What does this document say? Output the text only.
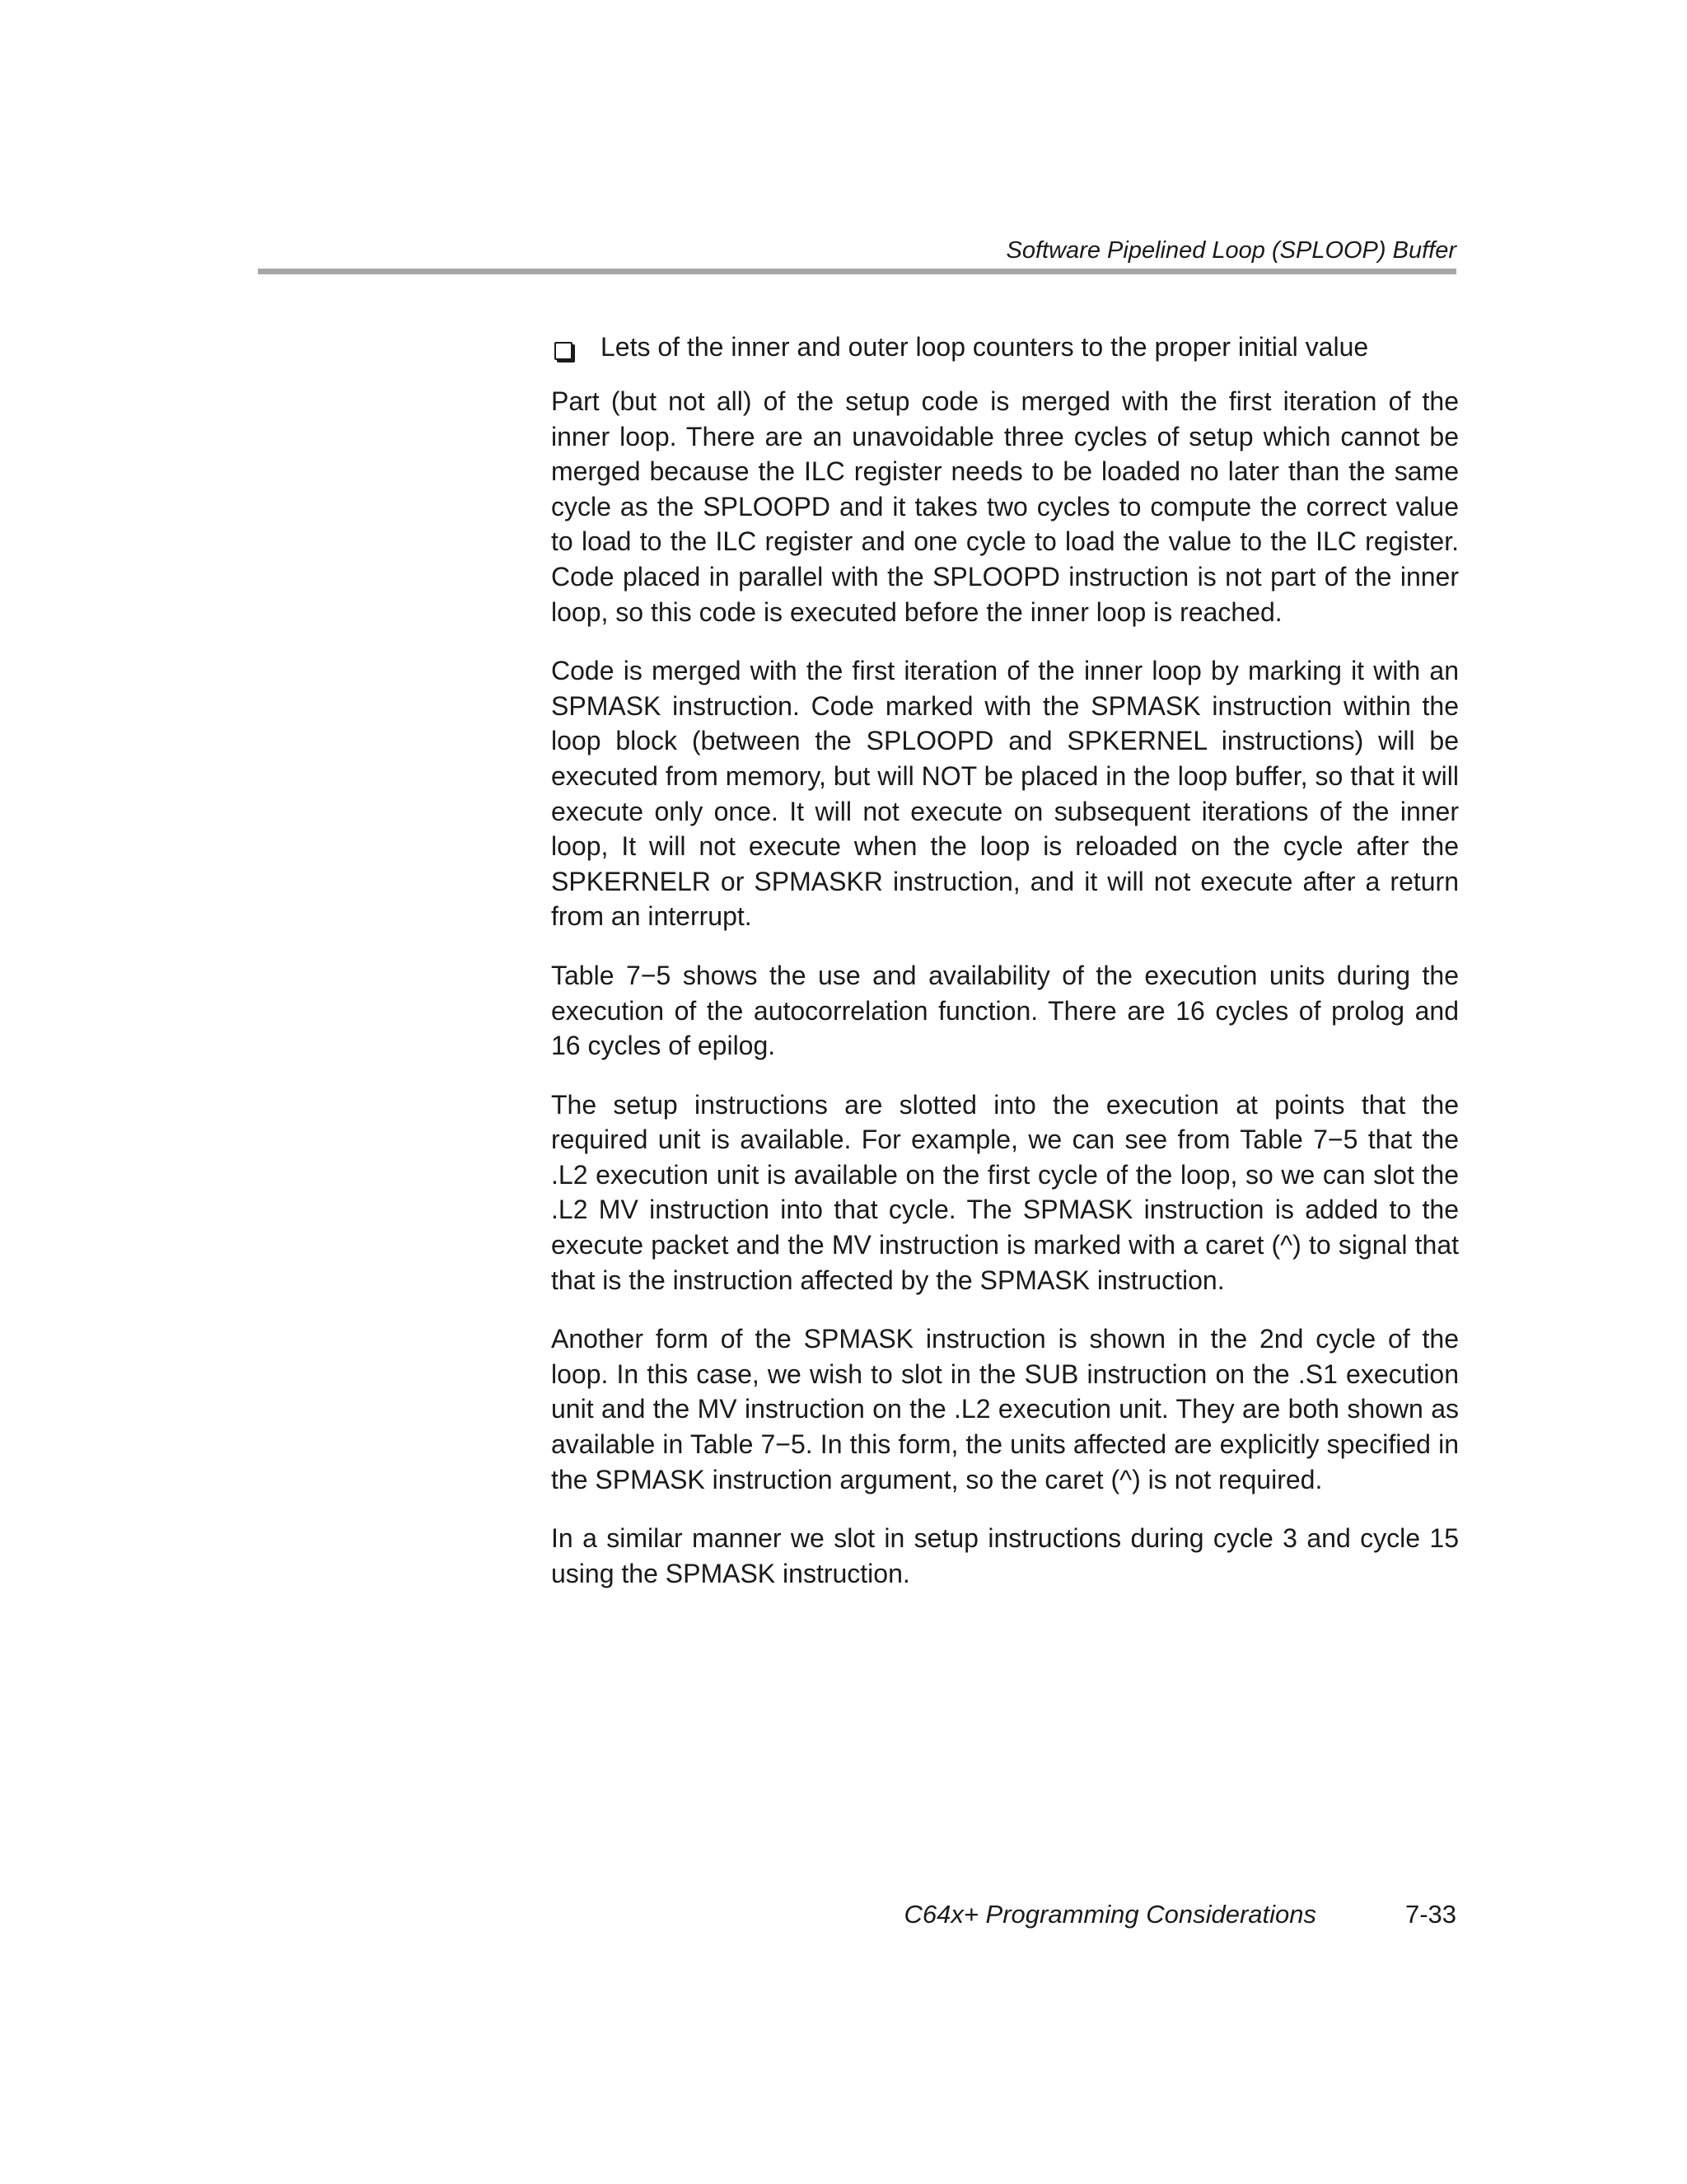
Software Pipelined Loop (SPLOOP) Buffer
Lets of the inner and outer loop counters to the proper initial value

Part (but not all) of the setup code is merged with the first iteration of the inner loop. There are an unavoidable three cycles of setup which cannot be merged because the ILC register needs to be loaded no later than the same cycle as the SPLOOPD and it takes two cycles to compute the correct value to load to the ILC register and one cycle to load the value to the ILC register. Code placed in parallel with the SPLOOPD instruction is not part of the inner loop, so this code is executed before the inner loop is reached.

Code is merged with the first iteration of the inner loop by marking it with an SPMASK instruction. Code marked with the SPMASK instruction within the loop block (between the SPLOOPD and SPKERNEL instructions) will be executed from memory, but will NOT be placed in the loop buffer, so that it will execute only once. It will not execute on subsequent iterations of the inner loop, It will not execute when the loop is reloaded on the cycle after the SPKERNELR or SPMASKR instruction, and it will not execute after a return from an interrupt.

Table 7−5 shows the use and availability of the execution units during the execution of the autocorrelation function. There are 16 cycles of prolog and 16 cycles of epilog.

The setup instructions are slotted into the execution at points that the required unit is available. For example, we can see from Table 7−5 that the .L2 execution unit is available on the first cycle of the loop, so we can slot the .L2 MV instruction into that cycle. The SPMASK instruction is added to the execute packet and the MV instruction is marked with a caret (^) to signal that that is the instruction affected by the SPMASK instruction.

Another form of the SPMASK instruction is shown in the 2nd cycle of the loop. In this case, we wish to slot in the SUB instruction on the .S1 execution unit and the MV instruction on the .L2 execution unit. They are both shown as available in Table 7−5. In this form, the units affected are explicitly specified in the SPMASK instruction argument, so the caret (^) is not required.

In a similar manner we slot in setup instructions during cycle 3 and cycle 15 using the SPMASK instruction.

C64x+ Programming Considerations	7-33
